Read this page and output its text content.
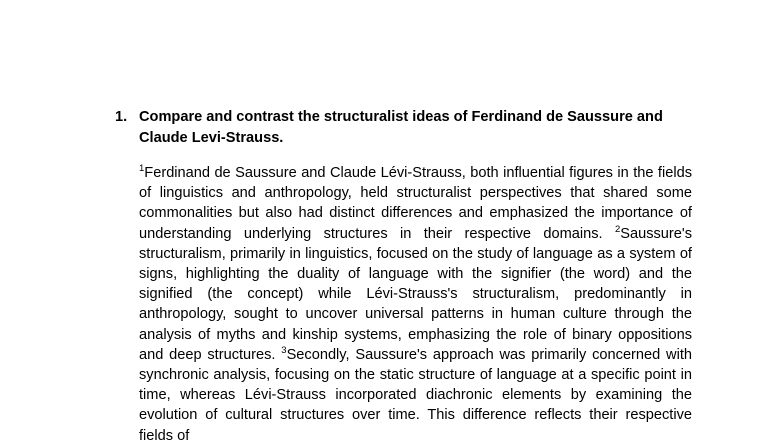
1. Compare and contrast the structuralist ideas of Ferdinand de Saussure and Claude Levi-Strauss.

$^1$Ferdinand de Saussure and Claude Lévi-Strauss, both influential figures in the fields of linguistics and anthropology, held structuralist perspectives that shared some commonalities but also had distinct differences and emphasized the importance of understanding underlying structures in their respective domains. $^2$Saussure's structuralism, primarily in linguistics, focused on the study of language as a system of signs, highlighting the duality of language with the signifier (the word) and the signified (the concept) while Lévi-Strauss's structuralism, predominantly in anthropology, sought to uncover universal patterns in human culture through the analysis of myths and kinship systems, emphasizing the role of binary oppositions and deep structures. $^3$Secondly, Saussure's approach was primarily concerned with synchronic analysis, focusing on the static structure of language at a specific point in time, whereas Lévi-Strauss incorporated diachronic elements by examining the evolution of cultural structures over time. This difference reflects their respective fields of
